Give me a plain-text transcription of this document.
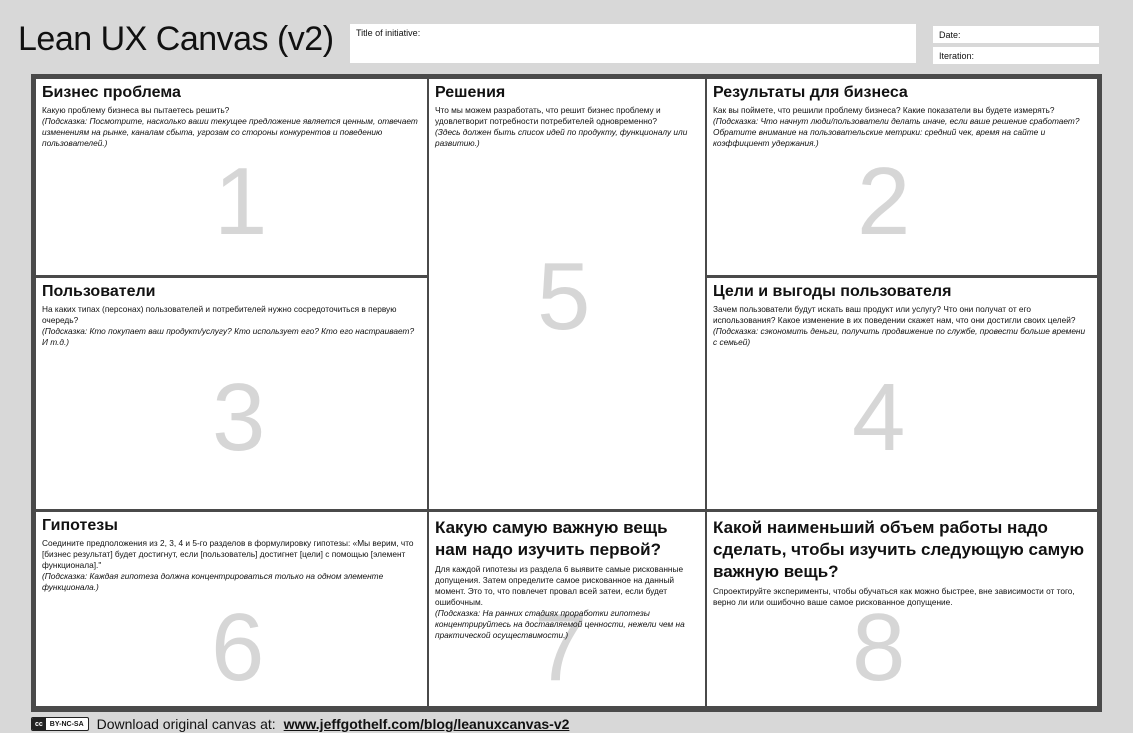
Lean UX Canvas (v2)	Title of initiative:	Date:
Iteration:
Бизнес проблема

Какую проблему бизнеса вы пытаетесь решить?

(Подсказка: Посмотрите, насколько ваши текущее предложение является ценным, отвечает изменениям на рынке, каналам сбыта, угрозам со стороны конкурентов и поведению пользователей.)

1
Решения

Что мы можем разработать, что решит бизнес проблему и удовлетворит потребности потребителей одновременно?

(Здесь должен быть список идей по продукту, функционалу или развитию.)

5
Результаты для бизнеса

Как вы поймете, что решили проблему бизнеса? Какие показатели вы будете измерять?

(Подсказка: Что начнут люди/пользователи делать иначе, если ваше решение сработает? Обратите внимание на пользовательские метрики: средний чек, время на сайте и коэффициент удержания.)

2
Пользователи

На каких типах (персонах) пользователей и потребителей нужно сосредоточиться в первую очередь?

(Подсказка: Кто покупает ваш продукт/услугу? Кто использует его? Кто его настраивает? И т.д.)

3
Цели и выгоды пользователя

Зачем пользователи будут искать ваш продукт или услугу? Что они получат от его использования? Какое изменение в их поведении скажет нам, что они достигли своих целей?

(Подсказка: сэкономить деньги, получить продвижение по службе, провести больше времени с семьей)

4
Гипотезы

Соедините предположения из 2, 3, 4 и 5-го разделов в формулировку гипотезы: «Мы верим, что [бизнес результат] будет достигнут, если [пользователь] достигнет [цели] с помощью [элемент функционала]."

(Подсказка: Каждая гипотеза должна концентрироваться только на одном элементе функционала.)

6	7
Какую самую важную вещь нам надо изучить первой?

Для каждой гипотезы из раздела 6 выявите самые рискованные допущения. Затем определите самое рискованное на данный момент. Это то, что повлечет провал всей затеи, если будет ошибочным.

(Подсказка: На ранних стадиях проработки гипотезы концентрируйтесь на доставляемой ценности, нежели чем на практической осуществимости.)	8
Какой наименьший объем работы надо сделать, чтобы изучить следующую самую важную вещь?

Спроектируйте эксперименты, чтобы обучаться как можно быстрее, вне зависимости от того, верно ли или ошибочно ваше самое рискованное допущение.

cc	BY-NC-SA Download original canvas at: www.jeffgothelf.com/blog/leanuxcanvas-v2
